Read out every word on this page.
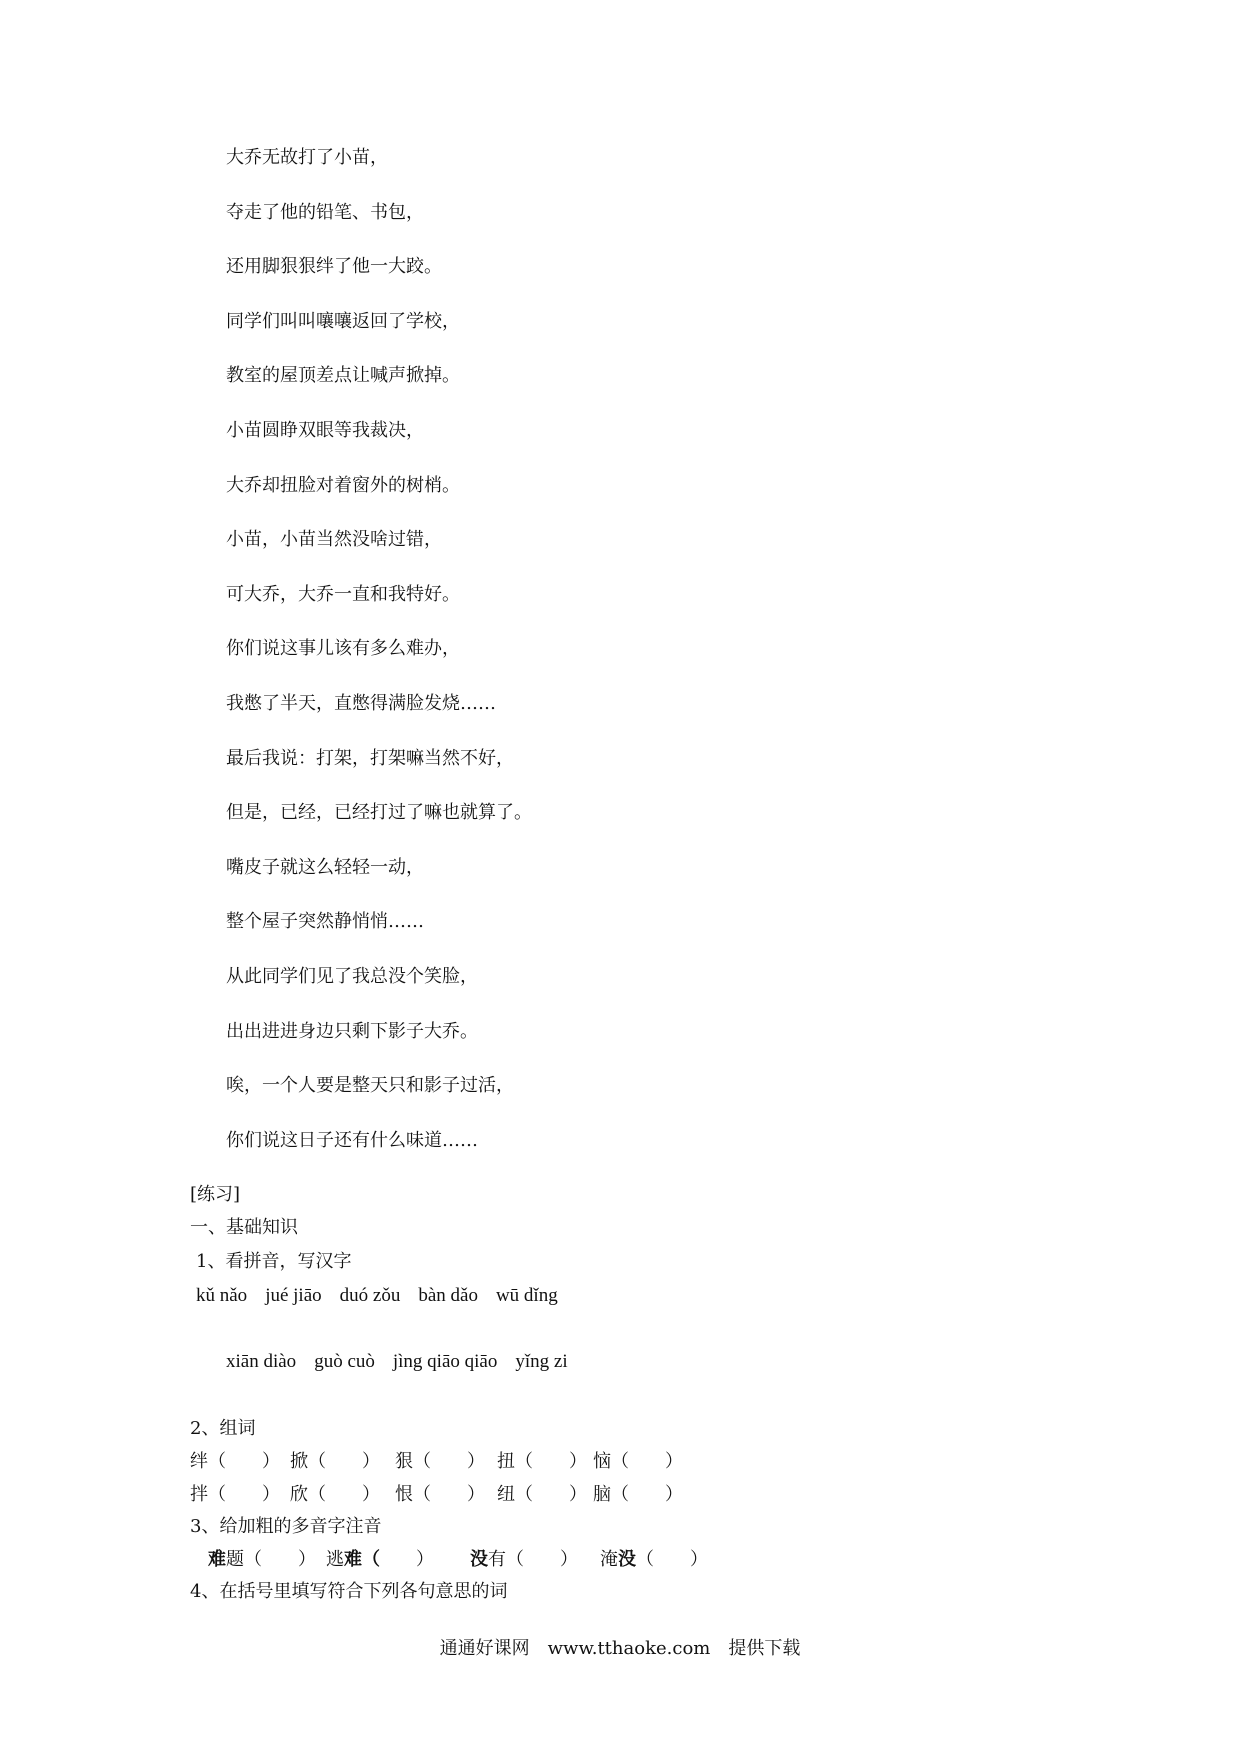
大乔无故打了小苗，
夺走了他的铅笔、书包，
还用脚狠狠绊了他一大跤。
同学们叫叫嚷嚷返回了学校，
教室的屋顶差点让喊声掀掉。
小苗圆睁双眼等我裁决，
大乔却扭脸对着窗外的树梢。
小苗，小苗当然没啥过错，
可大乔，大乔一直和我特好。
你们说这事儿该有多么难办，
我憋了半天，直憋得满脸发烧……
最后我说：打架，打架嘛当然不好，
但是，已经，已经打过了嘛也就算了。
嘴皮子就这么轻轻一动，
整个屋子突然静悄悄……
从此同学们见了我总没个笑脸，
出出进进身边只剩下影子大乔。
唉，一个人要是整天只和影子过活，
你们说这日子还有什么味道……
[练习]
一、基础知识
1、看拼音，写汉字
kǔ nǎo jué jiāo duó zǒu bàn dǎo wū dǐng
xiān diào guò cuò jìng qiāo qiāo yǐng zi
2、组词
绊（　　） 掀（　　） 狠（　　） 扭（　　） 恼（　　）
拌（　　） 欣（　　） 恨（　　） 纽（　　） 脑（　　）
3、给加粗的多音字注音
难题（　　） 逃难（　　） 没有（　　） 淹没（　　）
4、在括号里填写符合下列各句意思的词
通通好课网　www.tthaoke.com　提供下载
